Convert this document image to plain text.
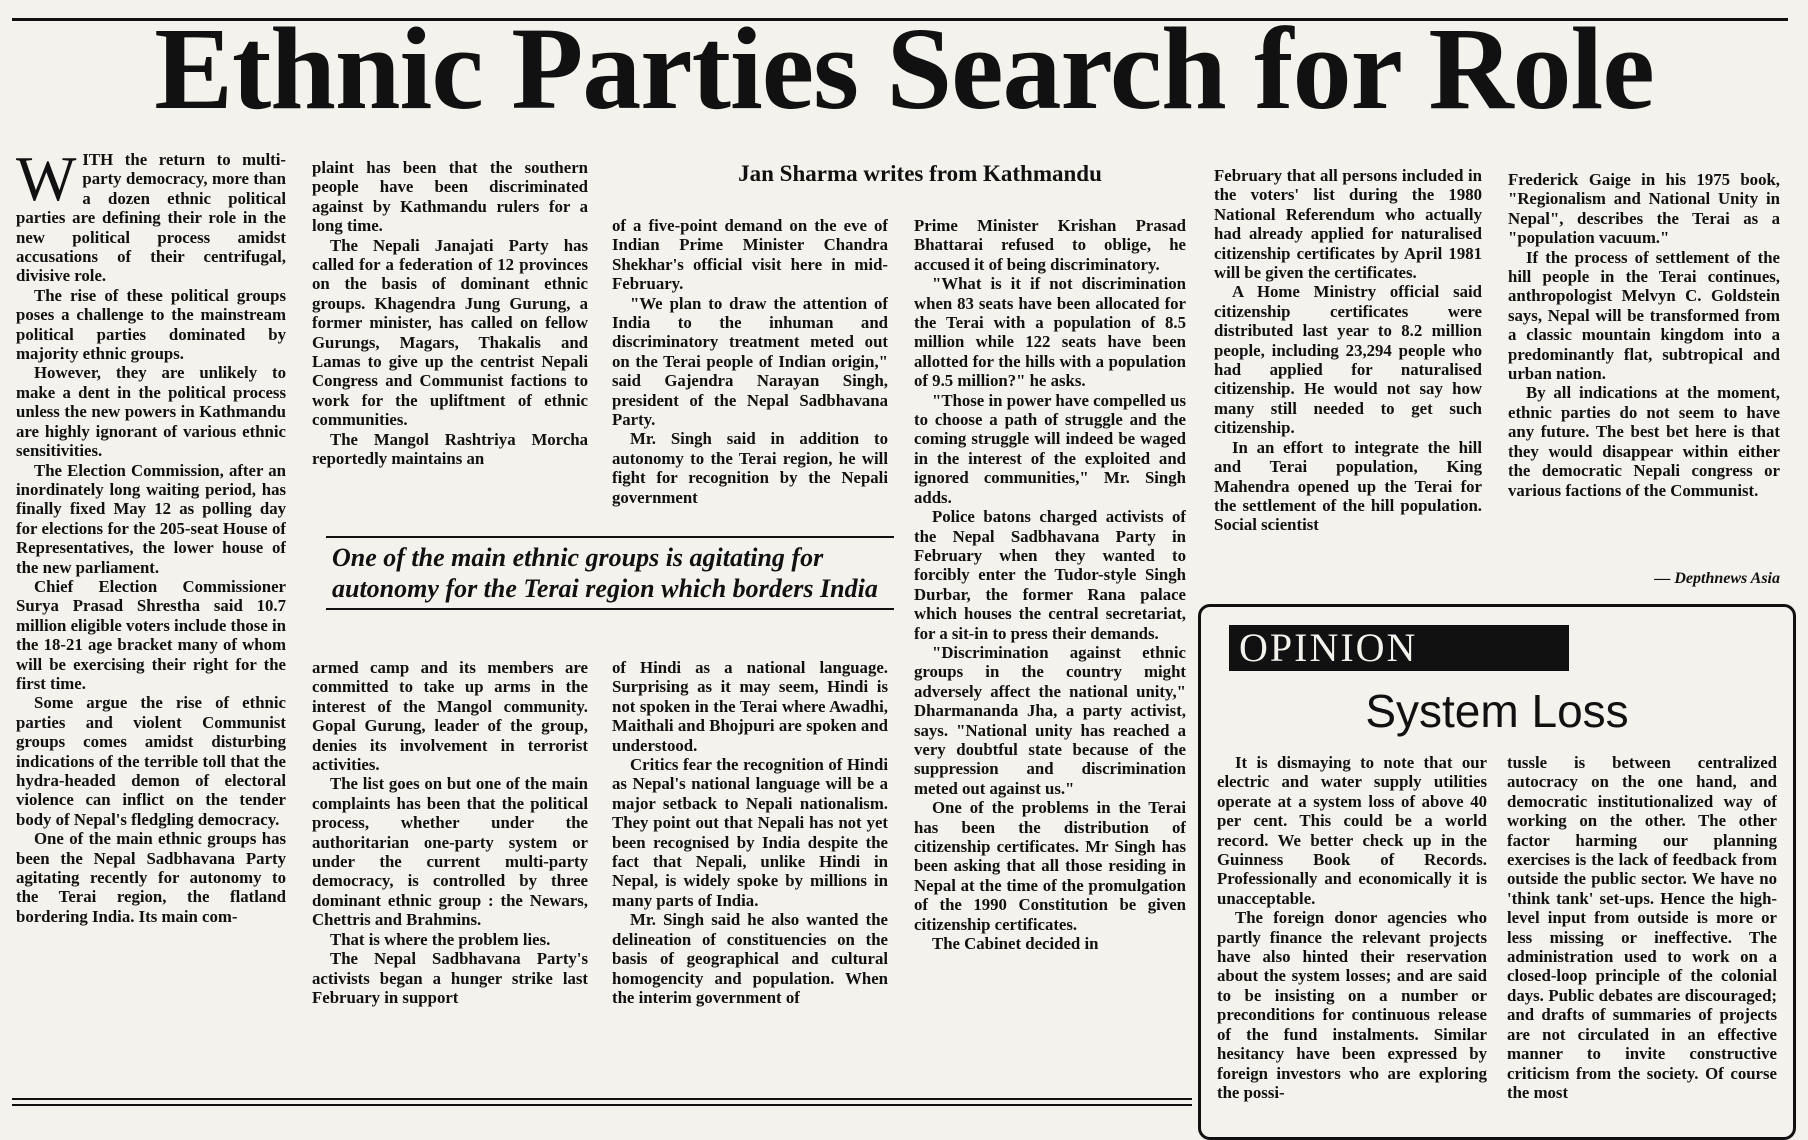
Ethnic Parties Search for Role
Jan Sharma writes from Kathmandu
W ITH the return to multi-party democracy, more than a dozen ethnic political parties are defining their role in the new political process amidst accusations of their centrifugal, divisive role.

The rise of these political groups poses a challenge to the mainstream political parties dominated by majority ethnic groups.

However, they are unlikely to make a dent in the political process unless the new powers in Kathmandu are highly ignorant of various ethnic sensitivities.

The Election Commission, after an inordinately long waiting period, has finally fixed May 12 as polling day for elections for the 205-seat House of Representatives, the lower house of the new parliament.

Chief Election Commissioner Surya Prasad Shrestha said 10.7 million eligible voters include those in the 18-21 age bracket many of whom will be exercising their right for the first time.

Some argue the rise of ethnic parties and violent Communist groups comes amidst disturbing indications of the terrible toll that the hydra-headed demon of electoral violence can inflict on the tender body of Nepal's fledgling democracy.

One of the main ethnic groups has been the Nepal Sadbhavana Party agitating recently for autonomy to the Terai region, the flatland bordering India. Its main com-

plaint has been that the southern people have been discriminated against by Kathmandu rulers for a long time.

The Nepali Janajati Party has called for a federation of 12 provinces on the basis of dominant ethnic groups. Khagendra Jung Gurung, a former minister, has called on fellow Gurungs, Magars, Thakalis and Lamas to give up the centrist Nepali Congress and Communist factions to work for the upliftment of ethnic communities.

The Mangol Rashtriya Morcha reportedly maintains an

armed camp and its members are committed to take up arms in the interest of the Mangol community. Gopal Gurung, leader of the group, denies its involvement in terrorist activities.

The list goes on but one of the main complaints has been that the political process, whether under the authoritarian one-party system or under the current multi-party democracy, is controlled by three dominant ethnic group : the Newars, Chettris and Brahmins.

That is where the problem lies.

The Nepal Sadbhavana Party's activists began a hunger strike last February in support

of a five-point demand on the eve of Indian Prime Minister Chandra Shekhar's official visit here in mid-February.

"We plan to draw the attention of India to the inhuman and discriminatory treatment meted out on the Terai people of Indian origin," said Gajendra Narayan Singh, president of the Nepal Sadbhavana Party.

Mr. Singh said in addition to autonomy to the Terai region, he will fight for recognition by the Nepali government

of Hindi as a national language. Surprising as it may seem, Hindi is not spoken in the Terai where Awadhi, Maithali and Bhojpuri are spoken and understood.

Critics fear the recognition of Hindi as Nepal's national language will be a major setback to Nepali nationalism. They point out that Nepali has not yet been recognised by India despite the fact that Nepali, unlike Hindi in Nepal, is widely spoke by millions in many parts of India.

Mr. Singh said he also wanted the delineation of constituencies on the basis of geographical and cultural homogencity and population. When the interim government of

One of the main ethnic groups is agitating for autonomy for the Terai region which borders India

Prime Minister Krishan Prasad Bhattarai refused to oblige, he accused it of being discriminatory.

"What is it if not discrimination when 83 seats have been allocated for the Terai with a population of 8.5 million while 122 seats have been allotted for the hills with a population of 9.5 million?" he asks.

"Those in power have compelled us to choose a path of struggle and the coming struggle will indeed be waged in the interest of the exploited and ignored communities," Mr. Singh adds.

Police batons charged activists of the Nepal Sadbhavana Party in February when they wanted to forcibly enter the Tudor-style Singh Durbar, the former Rana palace which houses the central secretariat, for a sit-in to press their demands.

"Discrimination against ethnic groups in the country might adversely affect the national unity," Dharmananda Jha, a party activist, says. "National unity has reached a very doubtful state because of the suppression and discrimination meted out against us."

One of the problems in the Terai has been the distribution of citizenship certificates. Mr Singh has been asking that all those residing in Nepal at the time of the promulgation of the 1990 Constitution be given citizenship certificates.

The Cabinet decided in

February that all persons included in the voters' list during the 1980 National Referendum who actually had already applied for naturalised citizenship certificates by April 1981 will be given the certificates.

A Home Ministry official said citizenship certificates were distributed last year to 8.2 million people, including 23,294 people who had applied for naturalised citizenship. He would not say how many still needed to get such citizenship.

In an effort to integrate the hill and Terai population, King Mahendra opened up the Terai for the settlement of the hill population. Social scientist

Frederick Gaige in his 1975 book, "Regionalism and National Unity in Nepal", describes the Terai as a "population vacuum."

If the process of settlement of the hill people in the Terai continues, anthropologist Melvyn C. Goldstein says, Nepal will be transformed from a classic mountain kingdom into a predominantly flat, subtropical and urban nation.

By all indications at the moment, ethnic parties do not seem to have any future. The best bet here is that they would disappear within either the democratic Nepali congress or various factions of the Communist.

— Depthnews Asia
OPINION
System Loss

It is dismaying to note that our electric and water supply utilities operate at a system loss of above 40 per cent. This could be a world record. We better check up in the Guinness Book of Records. Professionally and economically it is unacceptable.

The foreign donor agencies who partly finance the relevant projects have also hinted their reservation about the system losses; and are said to be insisting on a number or preconditions for continuous release of the fund instalments. Similar hesitancy have been expressed by foreign investors who are exploring the possi-

tussle is between centralized autocracy on the one hand, and democratic institutionalized way of working on the other. The other factor harming our planning exercises is the lack of feedback from outside the public sector. We have no 'think tank' set-ups. Hence the high-level input from outside is more or less missing or ineffective. The administration used to work on a closed-loop principle of the colonial days. Public debates are discouraged; and drafts of summaries of projects are not circulated in an effective manner to invite constructive criticism from the society. Of course the most
